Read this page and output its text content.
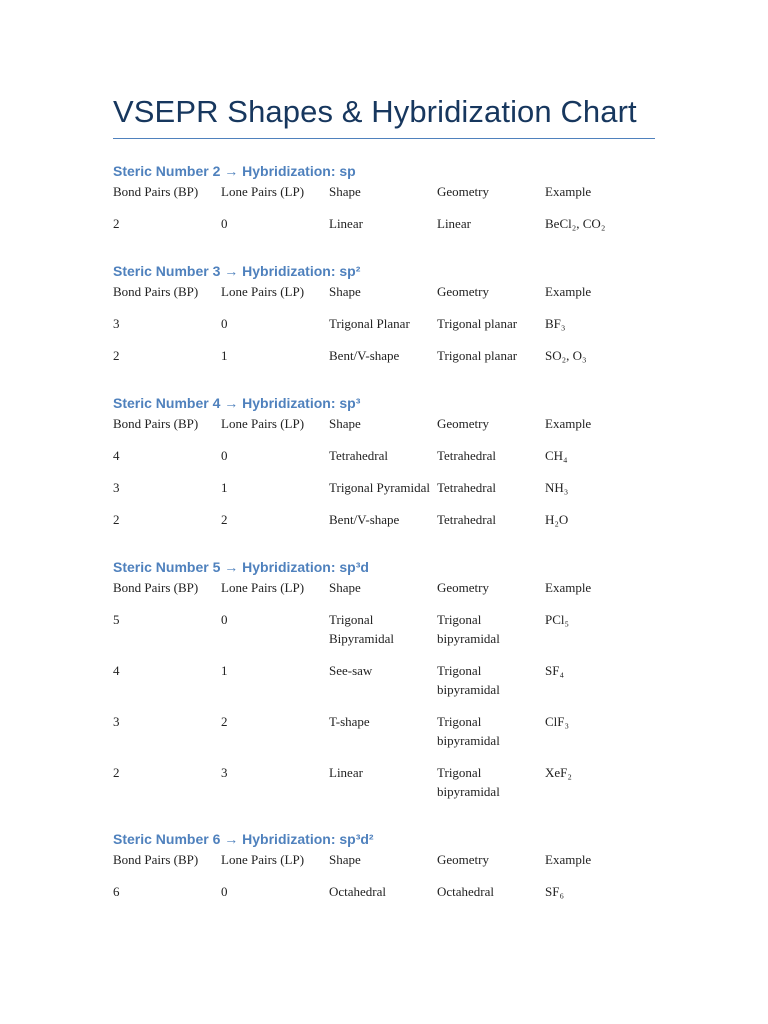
VSEPR Shapes & Hybridization Chart
Steric Number 2 → Hybridization: sp
Bond Pairs (BP)	Lone Pairs (LP)	Shape	Geometry	Example
2	0	Linear	Linear	BeCl₂, CO₂
Steric Number 3 → Hybridization: sp²
Bond Pairs (BP)	Lone Pairs (LP)	Shape	Geometry	Example
3	0	Trigonal Planar	Trigonal planar	BF₃
2	1	Bent/V-shape	Trigonal planar	SO₂, O₃
Steric Number 4 → Hybridization: sp³
Bond Pairs (BP)	Lone Pairs (LP)	Shape	Geometry	Example
4	0	Tetrahedral	Tetrahedral	CH₄
3	1	Trigonal Pyramidal	Tetrahedral	NH₃
2	2	Bent/V-shape	Tetrahedral	H₂O
Steric Number 5 → Hybridization: sp³d
Bond Pairs (BP)	Lone Pairs (LP)	Shape	Geometry	Example
5	0	Trigonal Bipyramidal	Trigonal bipyramidal	PCl₅
4	1	See-saw	Trigonal bipyramidal	SF₄
3	2	T-shape	Trigonal bipyramidal	ClF₃
2	3	Linear	Trigonal bipyramidal	XeF₂
Steric Number 6 → Hybridization: sp³d²
Bond Pairs (BP)	Lone Pairs (LP)	Shape	Geometry	Example
6	0	Octahedral	Octahedral	SF₆
